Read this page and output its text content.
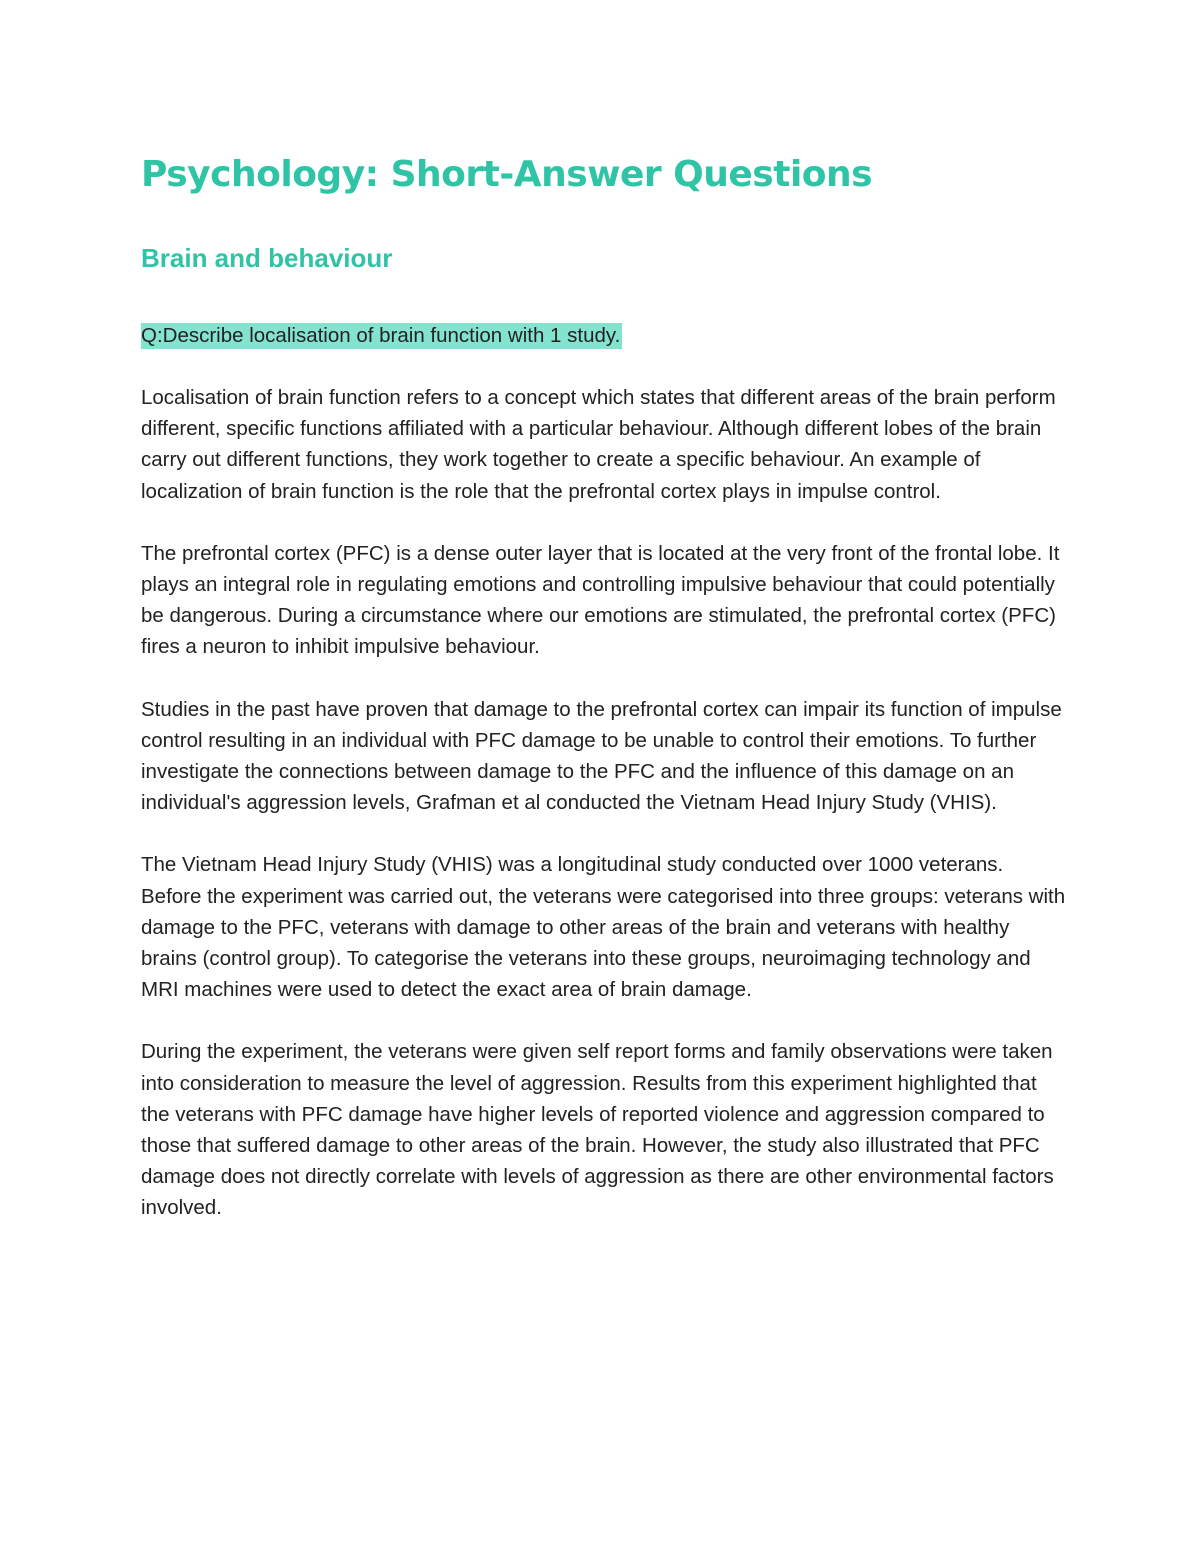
Psychology: Short-Answer Questions
Brain and behaviour

Q:Describe localisation of brain function with 1 study.

Localisation of brain function refers to a concept which states that different areas of the brain perform different, specific functions affiliated with a particular behaviour. Although different lobes of the brain carry out different functions, they work together to create a specific behaviour. An example of localization of brain function is the role that the prefrontal cortex plays in impulse control.

The prefrontal cortex (PFC) is a dense outer layer that is located at the very front of the frontal lobe. It plays an integral role in regulating emotions and controlling impulsive behaviour that could potentially be dangerous. During a circumstance where our emotions are stimulated, the prefrontal cortex (PFC) fires a neuron to inhibit impulsive behaviour.

Studies in the past have proven that damage to the prefrontal cortex can impair its function of impulse control resulting in an individual with PFC damage to be unable to control their emotions. To further investigate the connections between damage to the PFC and the influence of this damage on an individual's aggression levels, Grafman et al conducted the Vietnam Head Injury Study (VHIS).

The Vietnam Head Injury Study (VHIS) was a longitudinal study conducted over 1000 veterans. Before the experiment was carried out, the veterans were categorised into three groups: veterans with damage to the PFC, veterans with damage to other areas of the brain and veterans with healthy brains (control group). To categorise the veterans into these groups, neuroimaging technology and MRI machines were used to detect the exact area of brain damage.

During the experiment, the veterans were given self report forms and family observations were taken into consideration to measure the level of aggression. Results from this experiment highlighted that the veterans with PFC damage have higher levels of reported violence and aggression compared to those that suffered damage to other areas of the brain. However, the study also illustrated that PFC damage does not directly correlate with levels of aggression as there are other environmental factors involved.
